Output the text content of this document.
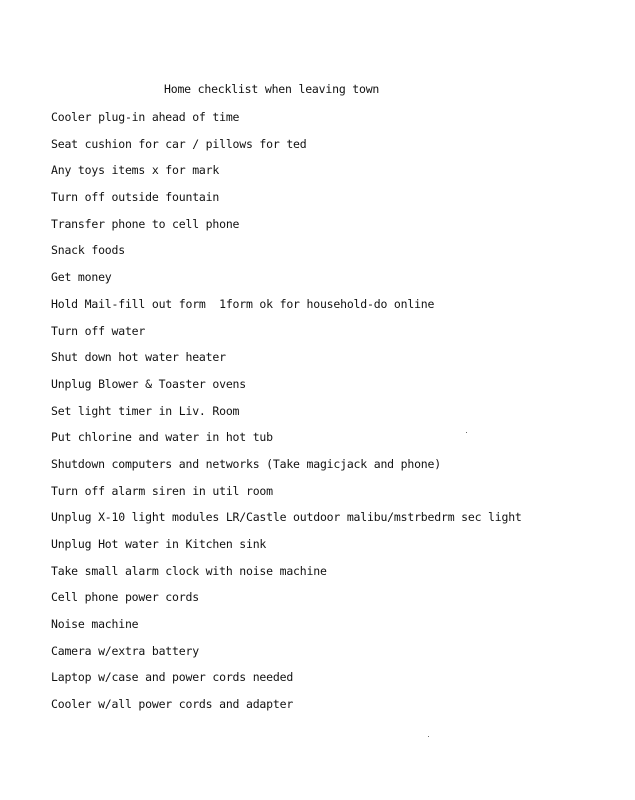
Home checklist when leaving town
Cooler plug-in ahead of time
Seat cushion for car / pillows for ted
Any toys items x for mark
Turn off outside fountain
Transfer phone to cell phone
Snack foods
Get money
Hold Mail-fill out form  1form ok for household-do online
Turn off water
Shut down hot water heater
Unplug Blower & Toaster ovens
Set light timer in Liv. Room
Put chlorine and water in hot tub
Shutdown computers and networks (Take magicjack and phone)
Turn off alarm siren in util room
Unplug X-10 light modules LR/Castle outdoor malibu/mstrbedrm sec light
Unplug Hot water in Kitchen sink
Take small alarm clock with noise machine
Cell phone power cords
Noise machine
Camera w/extra battery
Laptop w/case and power cords needed
Cooler w/all power cords and adapter
